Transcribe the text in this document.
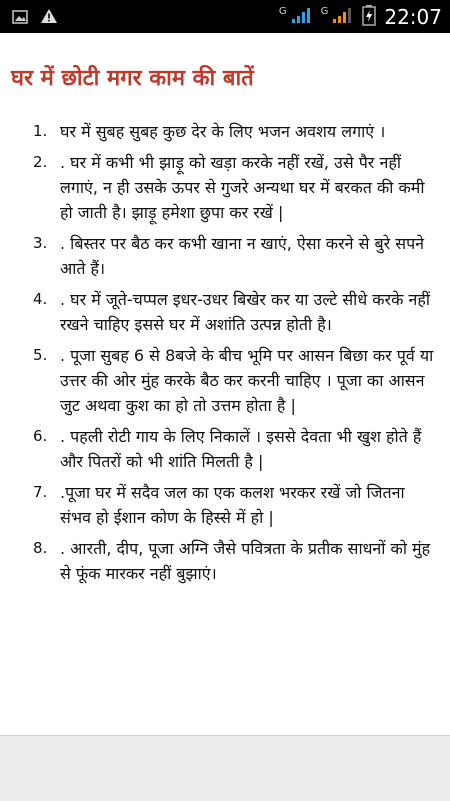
G	G	22:07
घर में छोटी मगर काम की बातें
1. घर में सुबह सुबह कुछ देर के लिए भजन अवशय लगाएं ।
2. . घर में कभी भी झाड़ू को खड़ा करके नहीं रखें, उसे पैर नहीं लगाएं, न ही उसके ऊपर से गुजरे अन्यथा घर में बरकत की कमी हो जाती है। झाड़ू हमेशा छुपा कर रखें |
3. . बिस्तर पर बैठ कर कभी खाना न खाएं, ऐसा करने से बुरे सपने आते हैं।
4. . घर में जूते-चप्पल इधर-उधर बिखेर कर या उल्टे सीधे करके नहीं रखने चाहिए इससे घर में अशांति उत्पन्न होती है।
5. . पूजा सुबह 6 से 8बजे के बीच भूमि पर आसन बिछा कर पूर्व या उत्तर की ओर मुंह करके बैठ कर करनी चाहिए । पूजा का आसन जुट अथवा कुश का हो तो उत्तम होता है |
6. . पहली रोटी गाय के लिए निकालें । इससे देवता भी खुश होते हैं और पितरों को भी शांति मिलती है |
7. .पूजा घर में सदैव जल का एक कलश भरकर रखें जो जितना संभव हो ईशान कोण के हिस्से में हो |
8. . आरती, दीप, पूजा अग्नि जैसे पवित्रता के प्रतीक साधनों को मुंह से फूंक मारकर नहीं बुझाएं।
